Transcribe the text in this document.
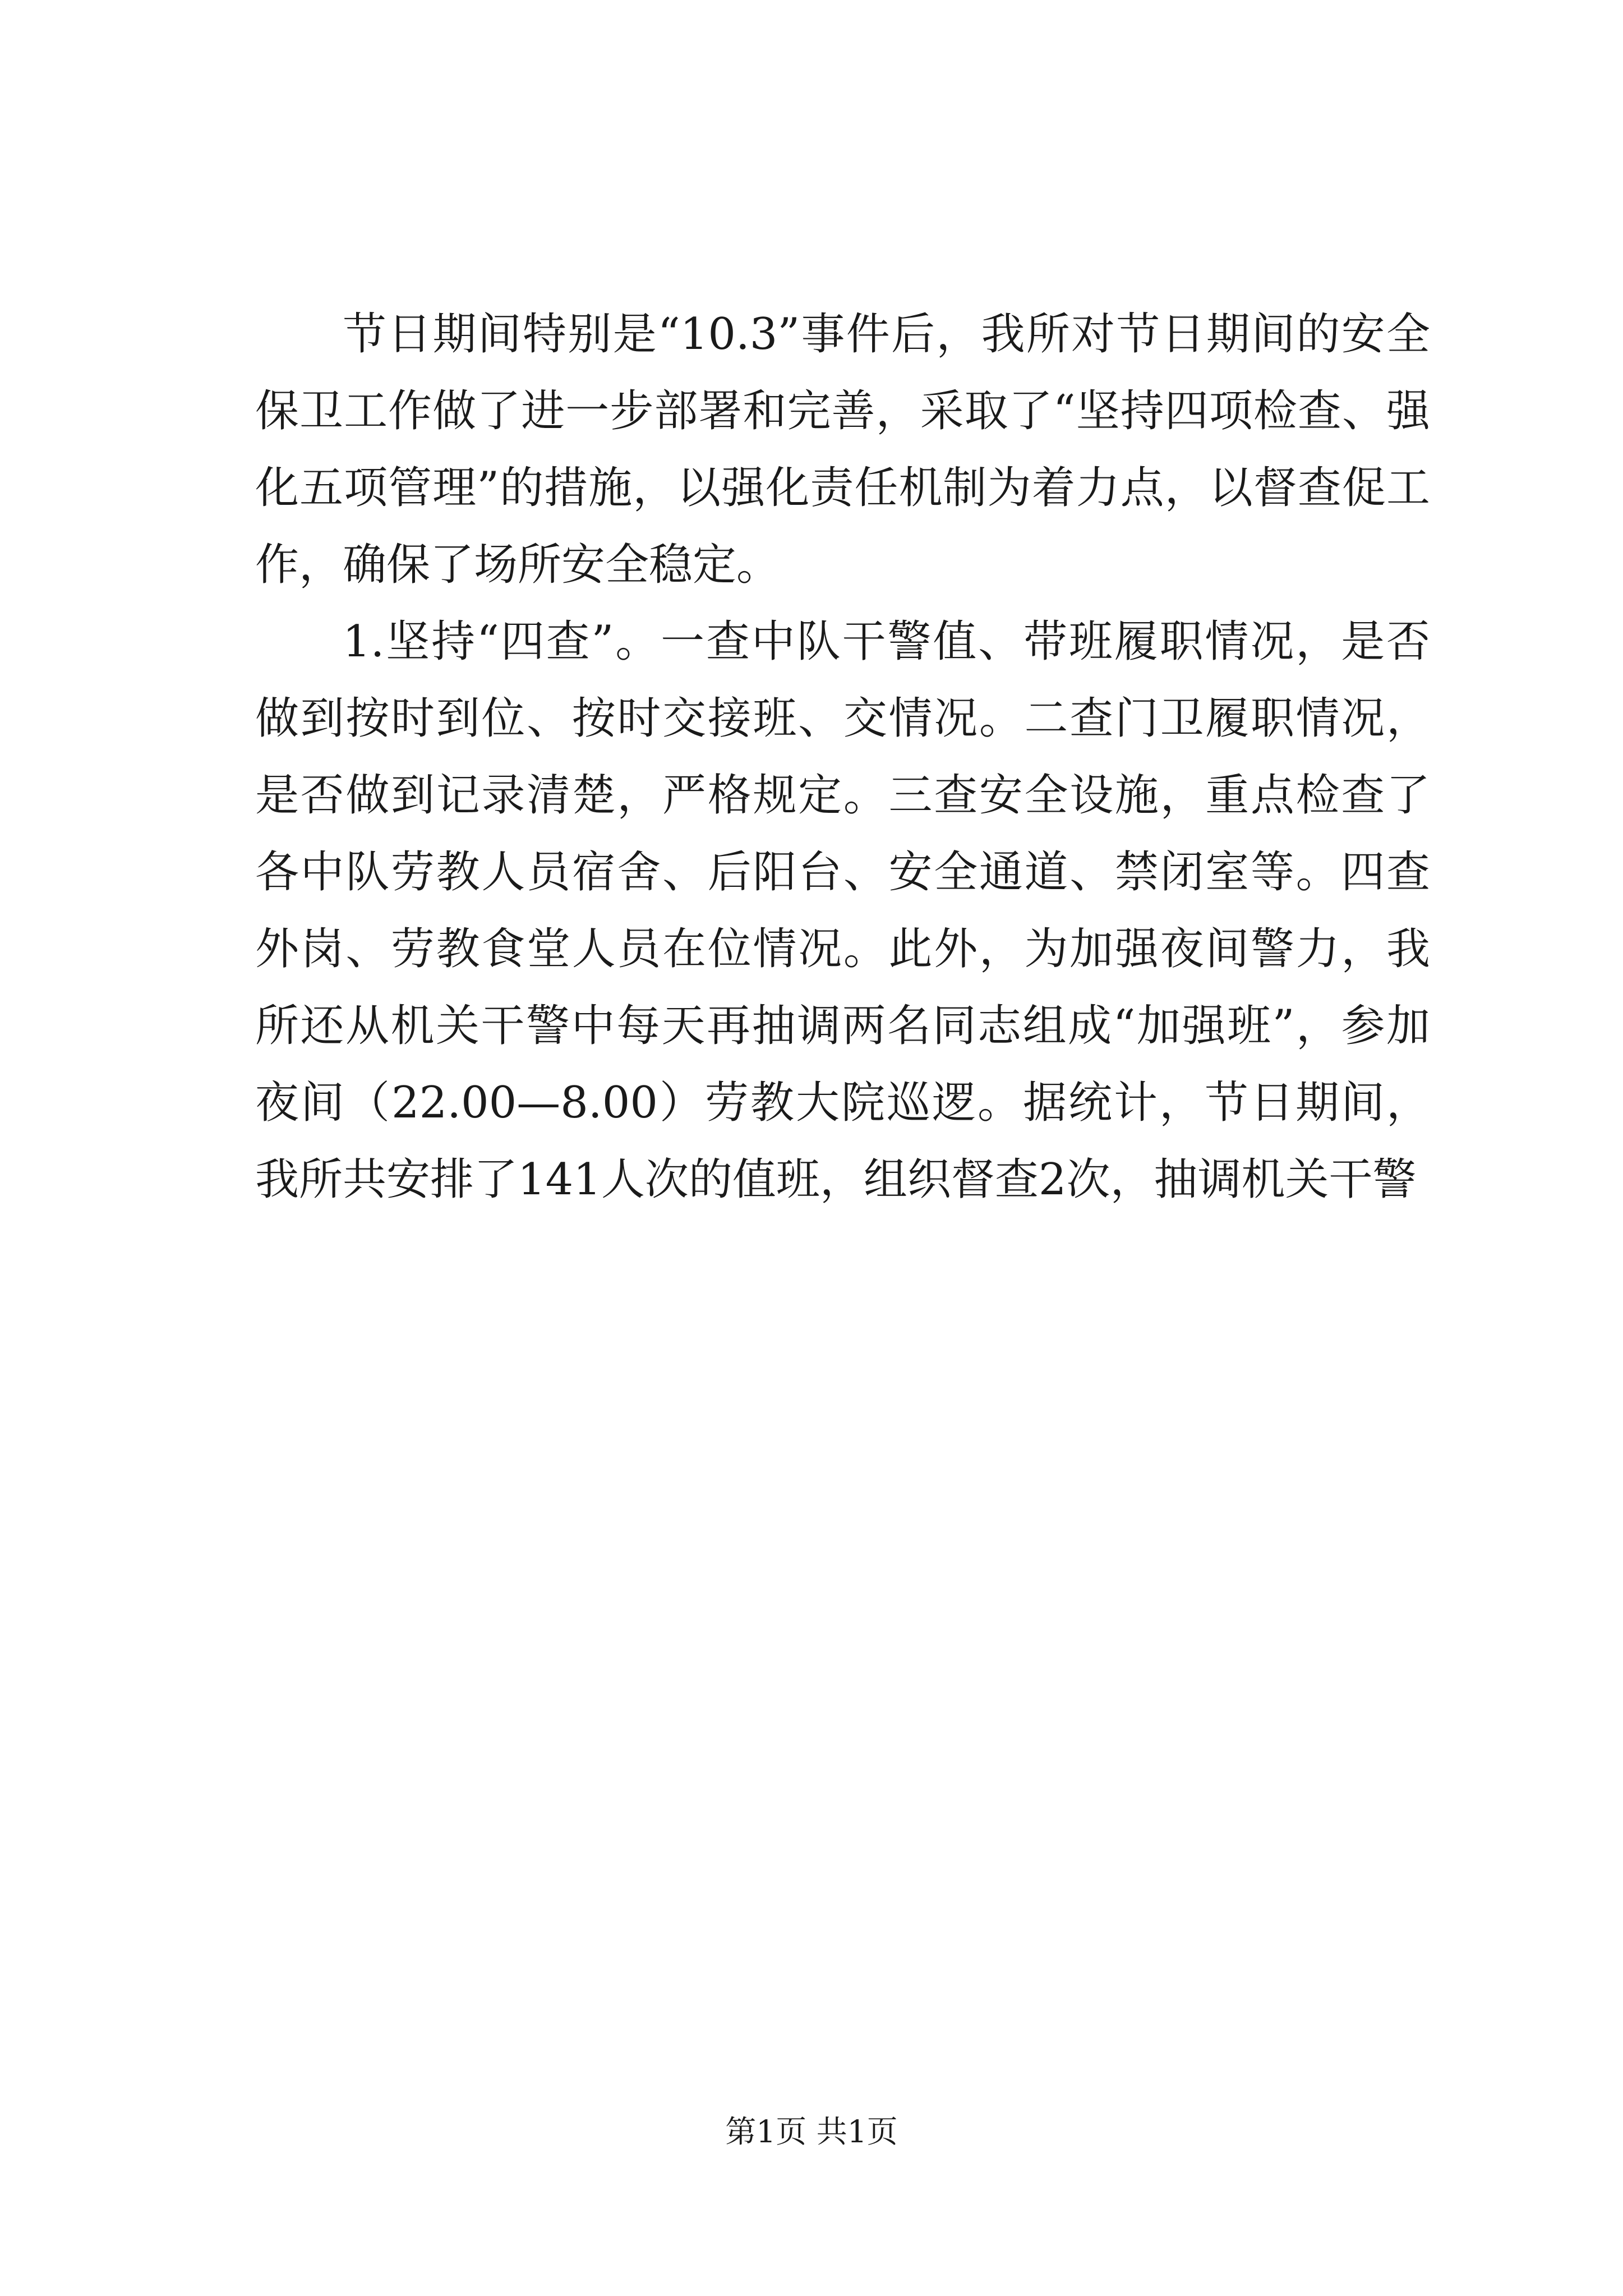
节日期间特别是“10.3”事件后，我所对节日期间的安全保卫工作做了进一步部署和完善，采取了“坚持四项检查、强化五项管理”的措施，以强化责任机制为着力点，以督查促工作，确保了场所安全稳定。

1.坚持“四查”。一查中队干警值、带班履职情况，是否做到按时到位、按时交接班、交情况。二查门卫履职情况，是否做到记录清楚，严格规定。三查安全设施，重点检查了各中队劳教人员宿舍、后阳台、安全通道、禁闭室等。四查外岗、劳教食堂人员在位情况。此外，为加强夜间警力，我所还从机关干警中每天再抽调两名同志组成“加强班”，参加夜间（22.00—8.00）劳教大院巡逻。据统计，节日期间，我所共安排了141人次的值班，组织督查2次，抽调机关干警

第1页 共1页
